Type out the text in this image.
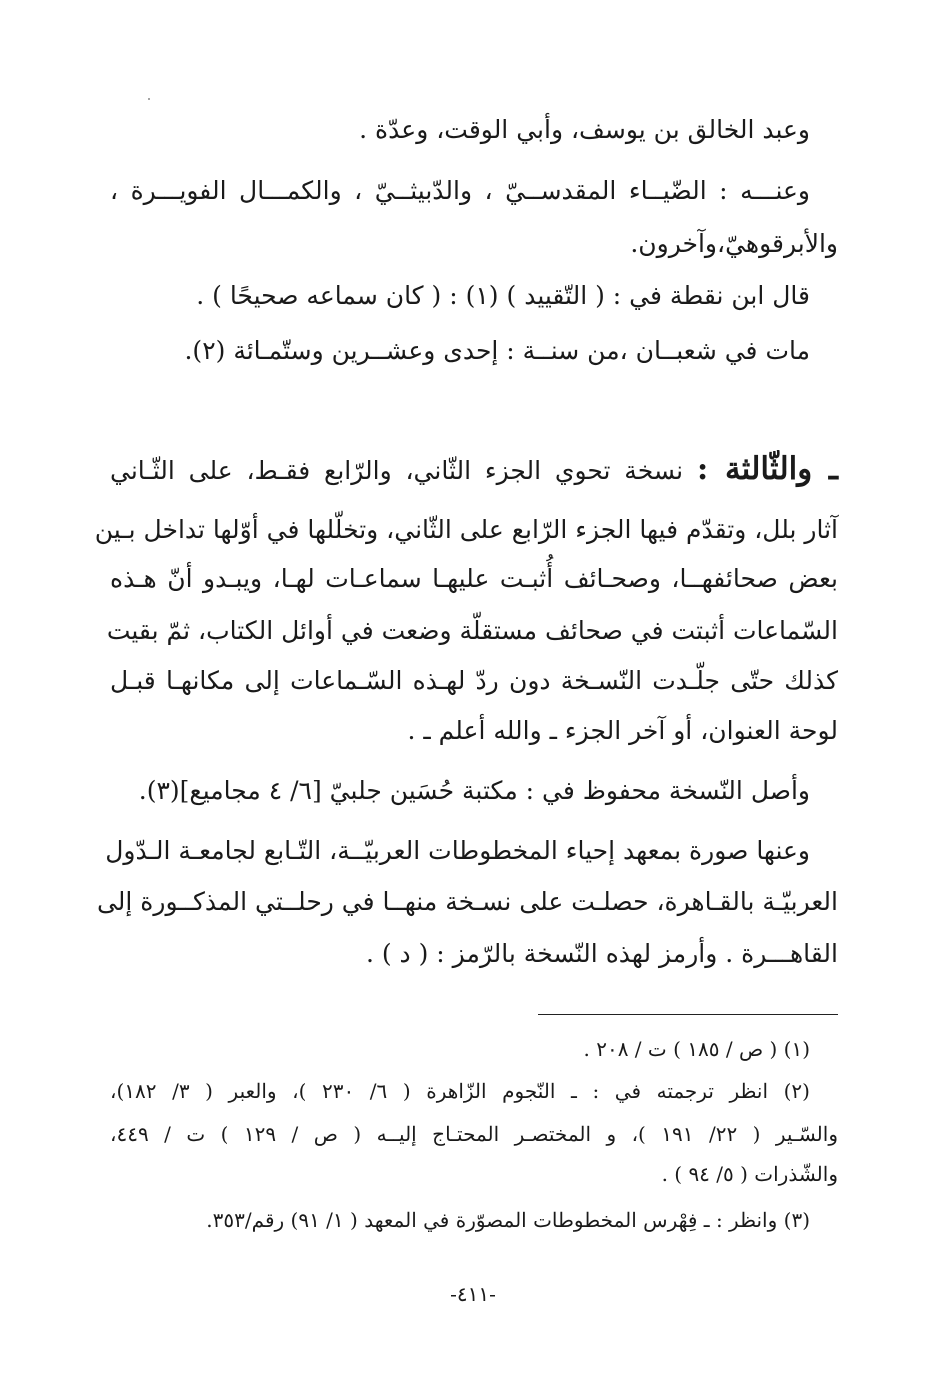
وعبد الخالق بن يوسف، وأبي الوقت، وعدّة .
وعنـــه : الضّيــاء المقدســيّ ، والدّبيثــيّ ، والكمـــال الفويـــرة ،
والأبرقوهيّ،وآخرون.
قال ابن نقطة في : ( التّقييد ) (١) : ( كان سماعه صحيحًا ) .
مات في شعبــان ،من سنــة : إحدى وعشــرين وستّمـائة (٢).
ـ والثّالثة : نسخة تحوي الجزء الثّاني، والرّابع فقـط، على الثّـاني
آثار بلل، وتقدّم فيها الجزء الرّابع على الثّاني، وتخلّلها في أوّلها تداخل بـين
بعض صحائفهــا، وصحـائف أُثبـت عليهـا سماعـات لهـا، ويبـدو أنّ هـذه
السّماعات أثبتت في صحائف مستقلّة وضعت في أوائل الكتاب، ثمّ بقيت
كذلك حتّى جلّـدت النّسـخة دون ردّ لهـذه السّـماعات إلى مكانهـا قبـل
لوحة العنوان، أو آخر الجزء ـ والله أعلم ـ .
وأصل النّسخة محفوظ في : مكتبة حُسَين جلبيّ [٦/ ٤ مجاميع](٣).
وعنها صورة بمعهد إحياء المخطوطات العربيّــة، التّـابع لجامعـة الـدّول
العربيّـة بالقـاهرة، حصلـت على نسـخة منهــا في رحلــتي المذكــورة إلى
القاهـــرة . وأرمز لهذه النّسخة بالرّمز : ( د ) .
(١) ( ص / ١٨٥ ) ت / ٢٠٨ .
(٢) انظر ترجمته في : ـ النّجوم الزّاهرة ( ٦/ ٢٣٠ )، والعبر ( ٣/ ١٨٢)،
والسّـير ( ٢٢/ ١٩١ )، و المختصـر المحتـاج إليــه ( ص / ١٢٩ ) ت / ٤٤٩،
والشّذرات ( ٥/ ٩٤ ) .
(٣) وانظر : ـ فِهْرس المخطوطات المصوّرة في المعهد ( ١/ ٩١) رقم/٣٥٣.
-٤١١-
